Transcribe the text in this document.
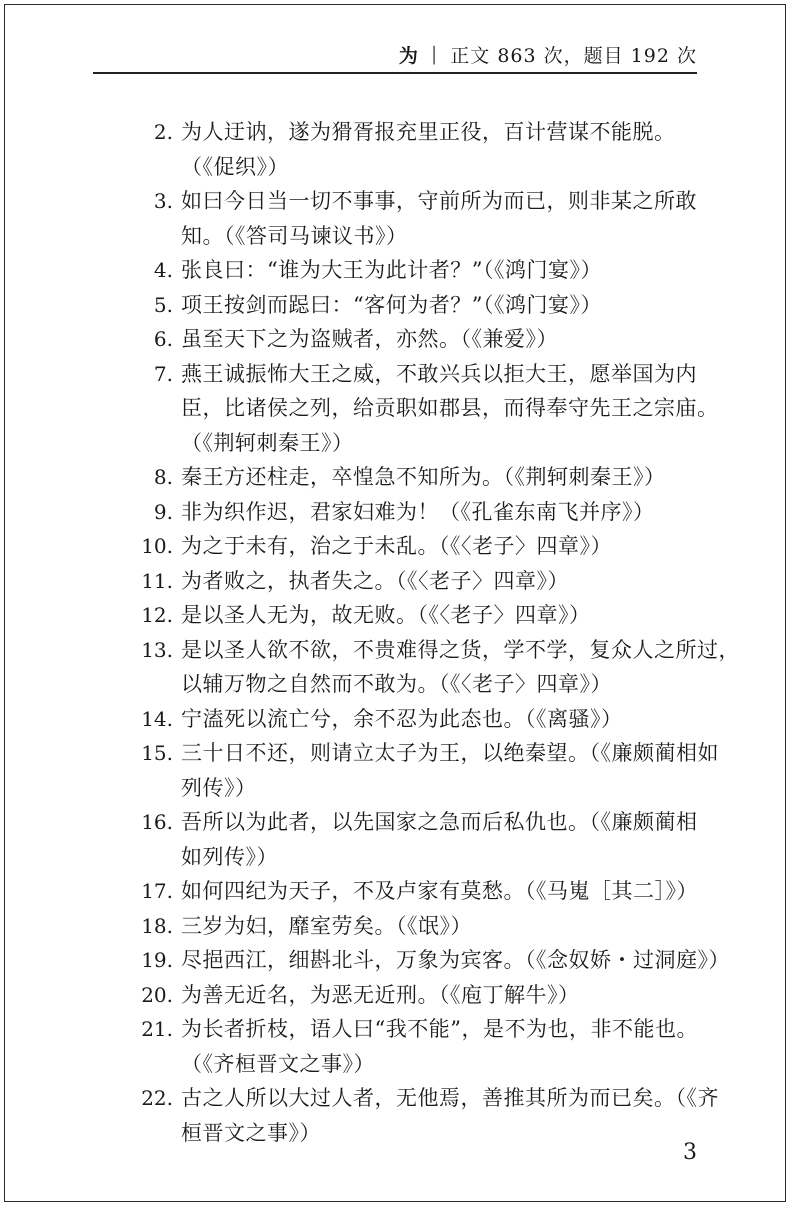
为 | 正文 863 次，题目 192 次
2. 为人迂讷，遂为猾胥报充里正役，百计营谋不能脱。
（《促织》）
3. 如曰今日当一切不事事，守前所为而已，则非某之所敢
知。（《答司马谏议书》）
4. 张良曰：“谁为大王为此计者？”（《鸿门宴》）
5. 项王按剑而跽曰：“客何为者？”（《鸿门宴》）
6. 虽至天下之为盗贼者，亦然。（《兼爱》）
7. 燕王诚振怖大王之威，不敢兴兵以拒大王，愿举国为内
臣，比诸侯之列，给贡职如郡县，而得奉守先王之宗庙。
（《荆轲刺秦王》）
8. 秦王方还柱走，卒惶急不知所为。（《荆轲刺秦王》）
9. 非为织作迟，君家妇难为！（《孔雀东南飞并序》）
10. 为之于未有，治之于未乱。（《〈老子〉四章》）
11. 为者败之，执者失之。（《〈老子〉四章》）
12. 是以圣人无为，故无败。（《〈老子〉四章》）
13. 是以圣人欲不欲，不贵难得之货，学不学，复众人之所过，
以辅万物之自然而不敢为。（《〈老子〉四章》）
14. 宁溘死以流亡兮，余不忍为此态也。（《离骚》）
15. 三十日不还，则请立太子为王，以绝秦望。（《廉颇蔺相如
列传》）
16. 吾所以为此者，以先国家之急而后私仇也。（《廉颇蔺相
如列传》）
17. 如何四纪为天子，不及卢家有莫愁。（《马嵬［其二］》）
18. 三岁为妇，靡室劳矣。（《氓》）
19. 尽挹西江，细斟北斗，万象为宾客。（《念奴娇・过洞庭》）
20. 为善无近名，为恶无近刑。（《庖丁解牛》）
21. 为长者折枝，语人曰“我不能”，是不为也，非不能也。
（《齐桓晋文之事》）
22. 古之人所以大过人者，无他焉，善推其所为而已矣。（《齐
桓晋文之事》）
3
